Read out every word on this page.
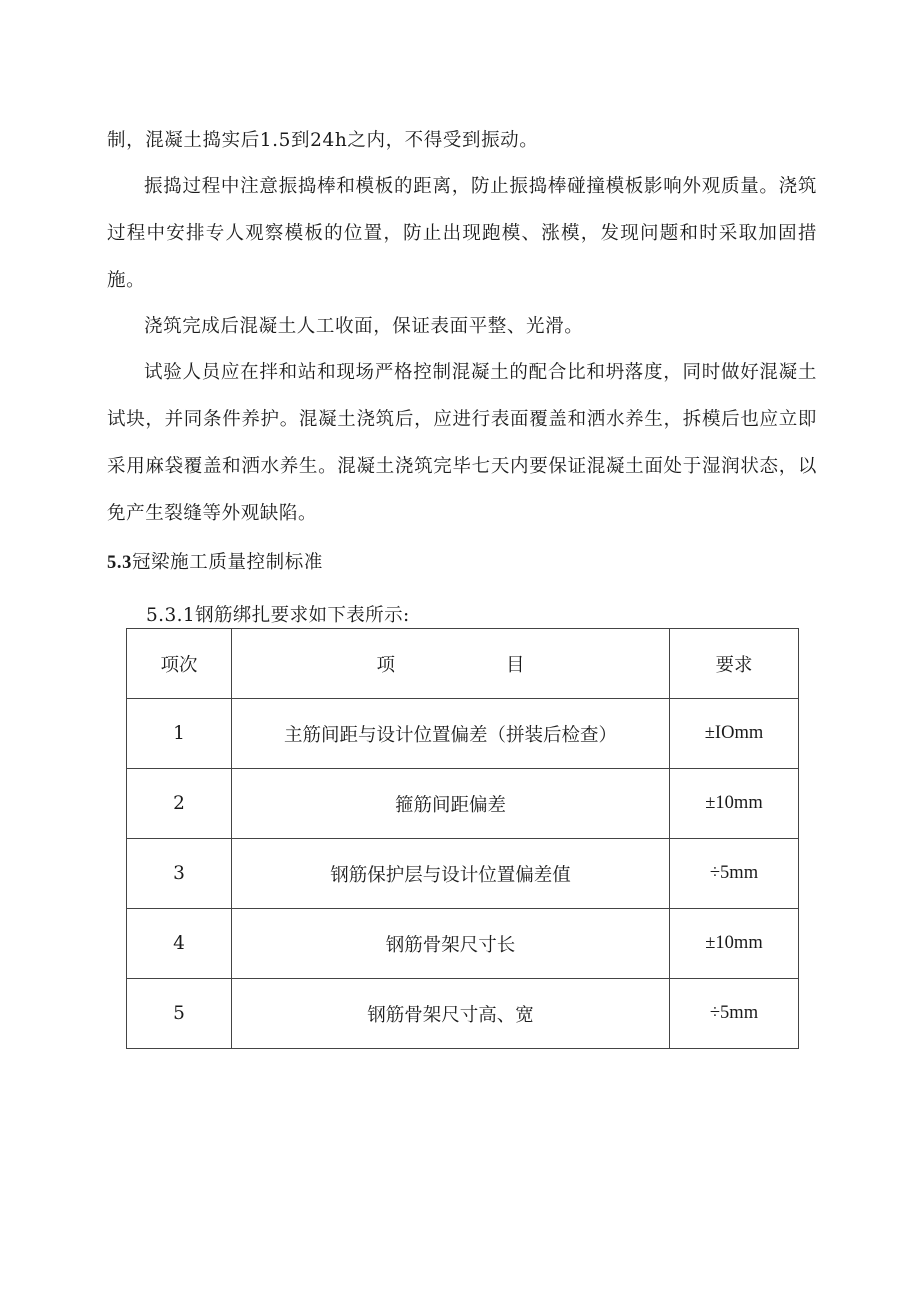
制，混凝土捣实后1.5到24h之内，不得受到振动。

振捣过程中注意振捣棒和模板的距离，防止振捣棒碰撞模板影响外观质量。浇筑过程中安排专人观察模板的位置，防止出现跑模、涨模，发现问题和时采取加固措施。

浇筑完成后混凝土人工收面，保证表面平整、光滑。

试验人员应在拌和站和现场严格控制混凝土的配合比和坍落度，同时做好混凝土试块，并同条件养护。混凝土浇筑后，应进行表面覆盖和洒水养生，拆模后也应立即采用麻袋覆盖和洒水养生。混凝土浇筑完毕七天内要保证混凝土面处于湿润状态，以免产生裂缝等外观缺陷。

5.3冠梁施工质量控制标准
5.3.1钢筋绑扎要求如下表所示:
项次	项　　　　　　目	要求
1	主筋间距与设计位置偏差（拼装后检查）	±IOmm
2	箍筋间距偏差	±10mm
3	钢筋保护层与设计位置偏差值	÷5mm
4	钢筋骨架尺寸长	±10mm
5	钢筋骨架尺寸高、宽	÷5mm
